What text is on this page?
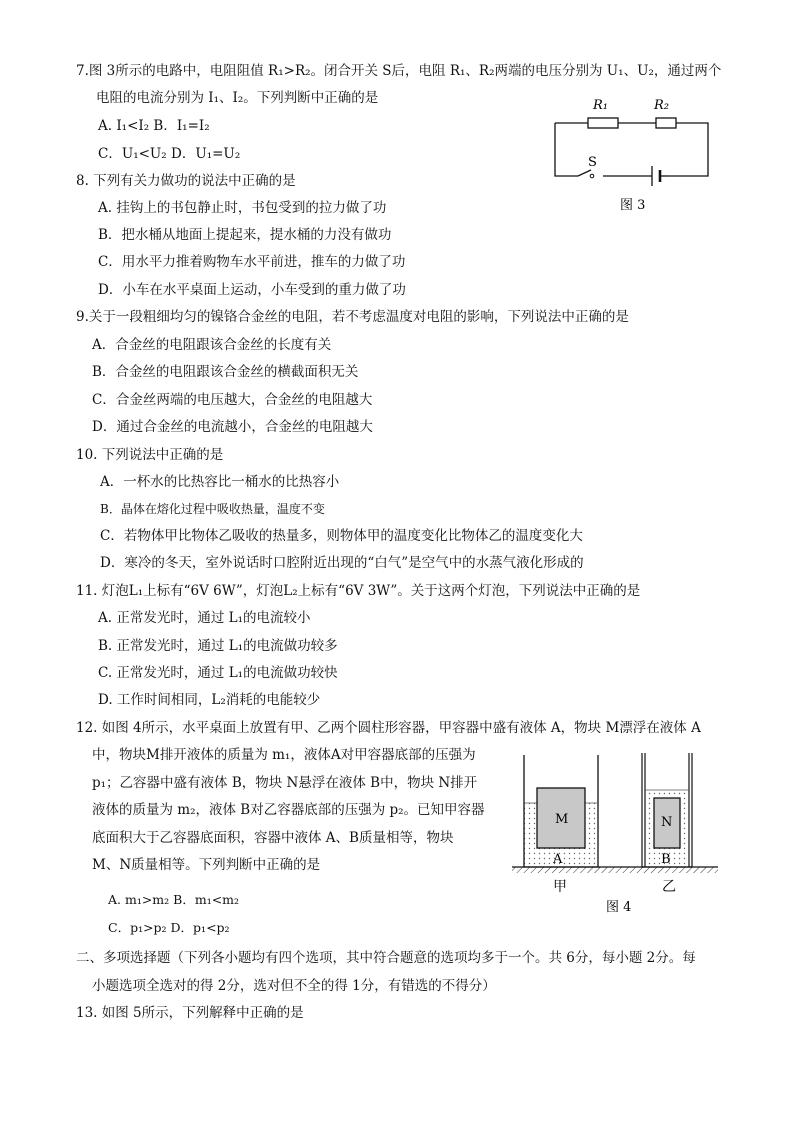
7.图 3所示的电路中，电阻阻值 R₁>R₂。闭合开关 S后，电阻 R₁、R₂两端的电压分别为 U₁、U₂，通过两个
电阻的电流分别为 I₁、I₂。下列判断中正确的是
A. I₁<I₂ B．I₁=I₂
C．U₁<U₂ D．U₁=U₂
R₁	R₂
S
图 3
8. 下列有关力做功的说法中正确的是
A. 挂钩上的书包静止时，书包受到的拉力做了功
B．把水桶从地面上提起来，提水桶的力没有做功
C．用水平力推着购物车水平前进，推车的力做了功
D．小车在水平桌面上运动，小车受到的重力做了功
9.关于一段粗细均匀的镍铬合金丝的电阻，若不考虑温度对电阻的影响，下列说法中正确的是
A．合金丝的电阻跟该合金丝的长度有关
B．合金丝的电阻跟该合金丝的横截面积无关
C．合金丝两端的电压越大，合金丝的电阻越大
D．通过合金丝的电流越小，合金丝的电阻越大
10. 下列说法中正确的是
A．一杯水的比热容比一桶水的比热容小
B．晶体在熔化过程中吸收热量，温度不变
C．若物体甲比物体乙吸收的热量多，则物体甲的温度变化比物体乙的温度变化大
D．寒冷的冬天，室外说话时口腔附近出现的“白气”是空气中的水蒸气液化形成的
11. 灯泡L₁上标有“6V 6W”，灯泡L₂上标有“6V 3W”。关于这两个灯泡，下列说法中正确的是
A. 正常发光时，通过 L₁的电流较小
B. 正常发光时，通过 L₁的电流做功较多
C. 正常发光时，通过 L₁的电流做功较快
D. 工作时间相同，L₂消耗的电能较少
12. 如图 4所示，水平桌面上放置有甲、乙两个圆柱形容器，甲容器中盛有液体 A，物块 M漂浮在液体 A
中，物块M排开液体的质量为 m₁，液体A对甲容器底部的压强为
p₁；乙容器中盛有液体 B，物块 N悬浮在液体 B中，物块 N排开
液体的质量为 m₂，液体 B对乙容器底部的压强为 p₂。已知甲容器
底面积大于乙容器底面积，容器中液体 A、B质量相等，物块
M、N质量相等。下列判断中正确的是
A. m₁>m₂ B．m₁<m₂
C．p₁>p₂ D．p₁<p₂
M
A
N
B
甲	乙
图 4
二、多项选择题（下列各小题均有四个选项，其中符合题意的选项均多于一个。共 6分，每小题 2分。每
小题选项全选对的得 2分，选对但不全的得 1分，有错选的不得分）
13. 如图 5所示，下列解释中正确的是
